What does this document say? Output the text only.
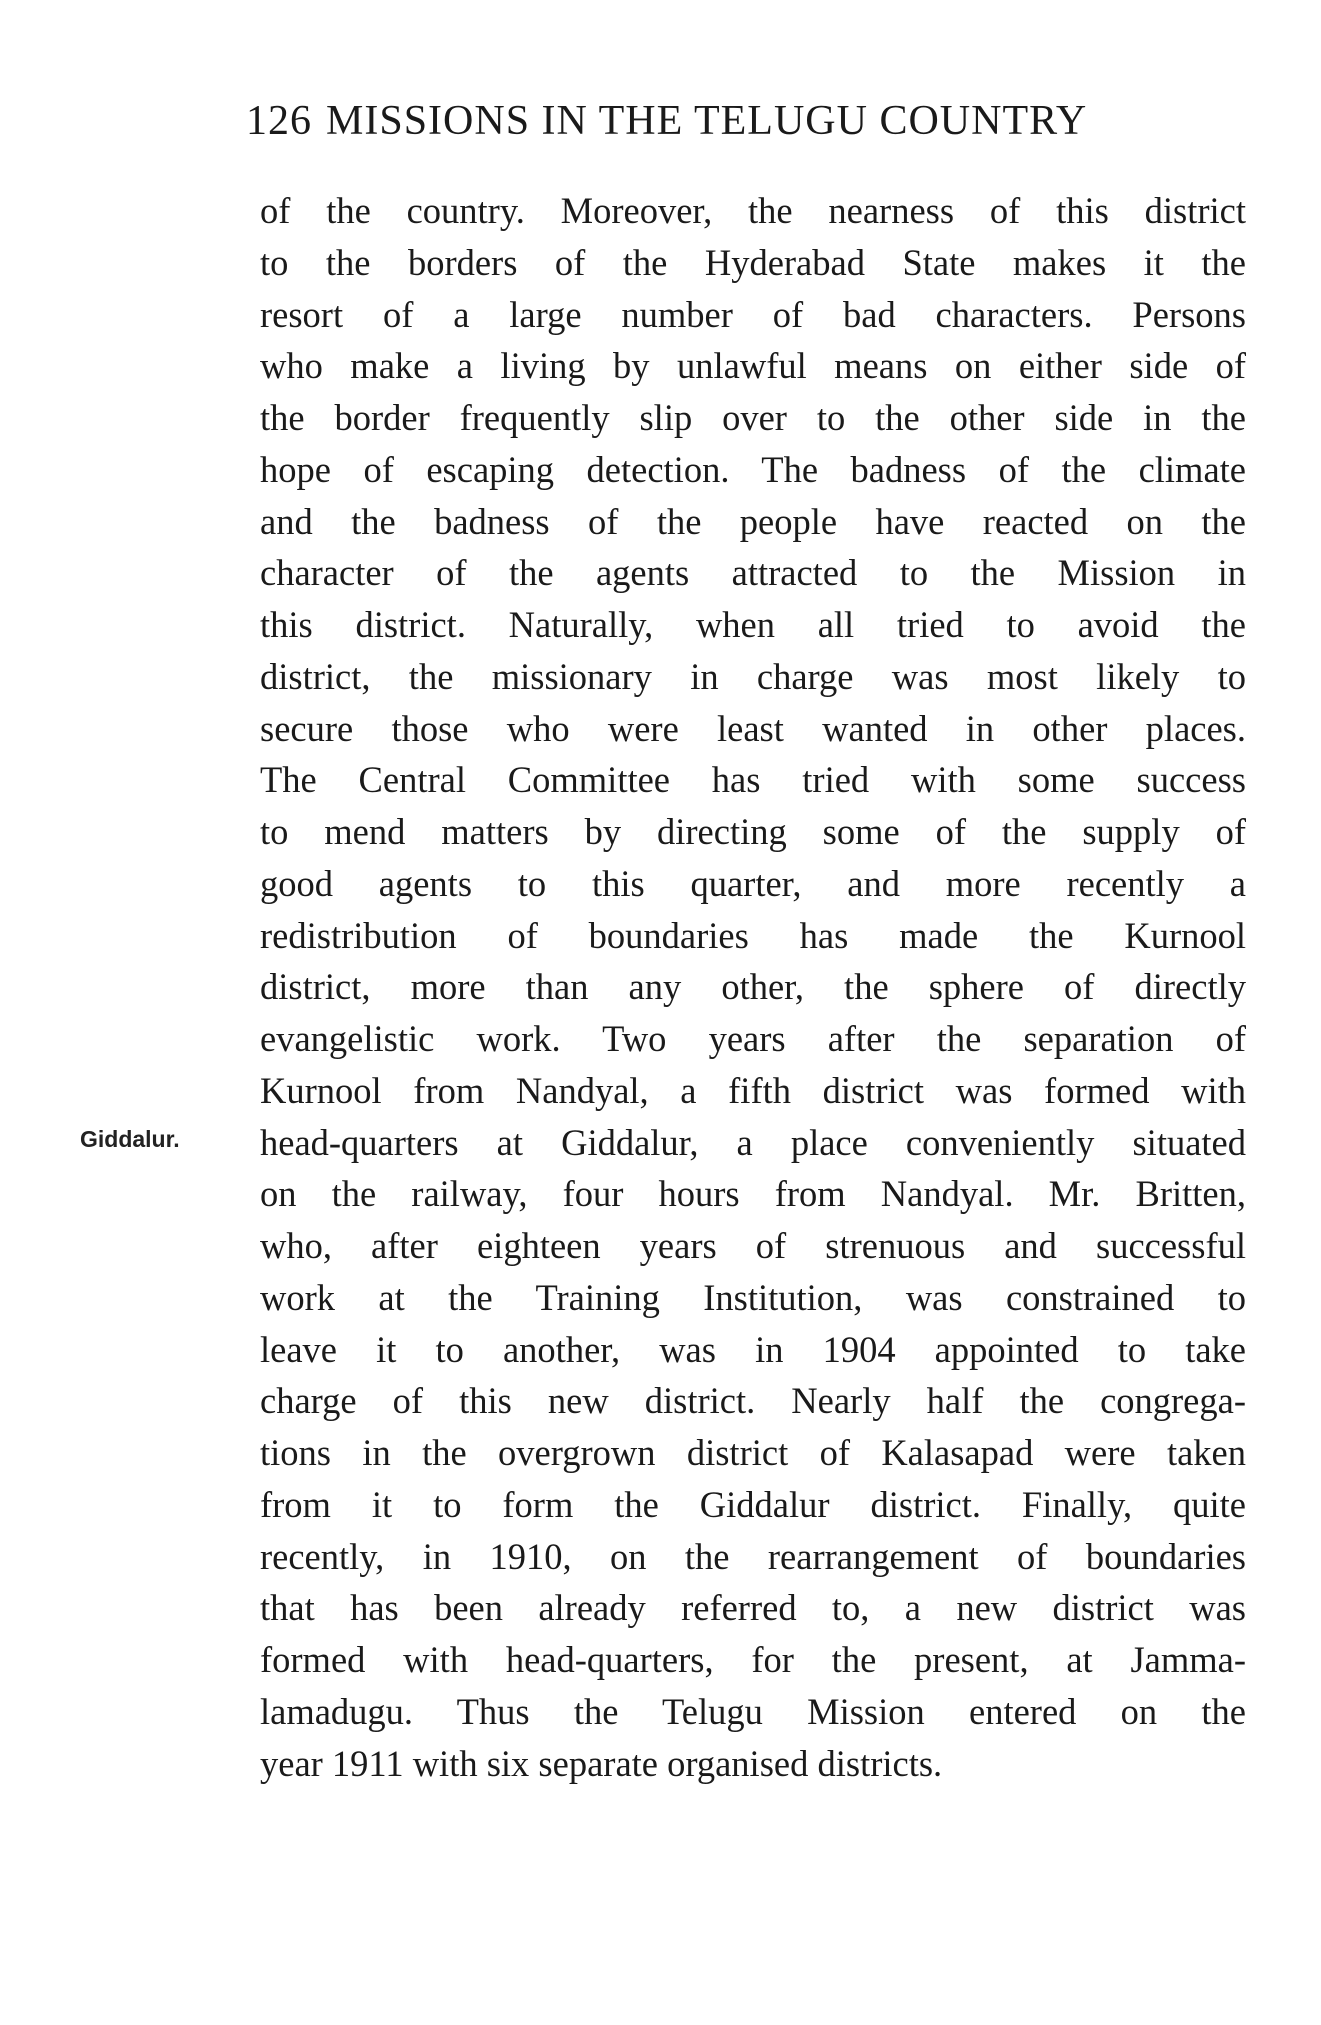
126 MISSIONS IN THE TELUGU COUNTRY
Giddalur.
of the country. Moreover, the nearness of this district
to the borders of the Hyderabad State makes it the
resort of a large number of bad characters. Persons
who make a living by unlawful means on either side of
the border frequently slip over to the other side in the
hope of escaping detection. The badness of the climate
and the badness of the people have reacted on the
character of the agents attracted to the Mission in
this district. Naturally, when all tried to avoid the
district, the missionary in charge was most likely to
secure those who were least wanted in other places.
The Central Committee has tried with some success
to mend matters by directing some of the supply of
good agents to this quarter, and more recently a
redistribution of boundaries has made the Kurnool
district, more than any other, the sphere of directly
evangelistic work. Two years after the separation of
Kurnool from Nandyal, a fifth district was formed with
head-quarters at Giddalur, a place conveniently situated
on the railway, four hours from Nandyal. Mr. Britten,
who, after eighteen years of strenuous and successful
work at the Training Institution, was constrained to
leave it to another, was in 1904 appointed to take
charge of this new district. Nearly half the congrega-
tions in the overgrown district of Kalasapad were taken
from it to form the Giddalur district. Finally, quite
recently, in 1910, on the rearrangement of boundaries
that has been already referred to, a new district was
formed with head-quarters, for the present, at Jamma-
lamadugu. Thus the Telugu Mission entered on the
year 1911 with six separate organised districts.
